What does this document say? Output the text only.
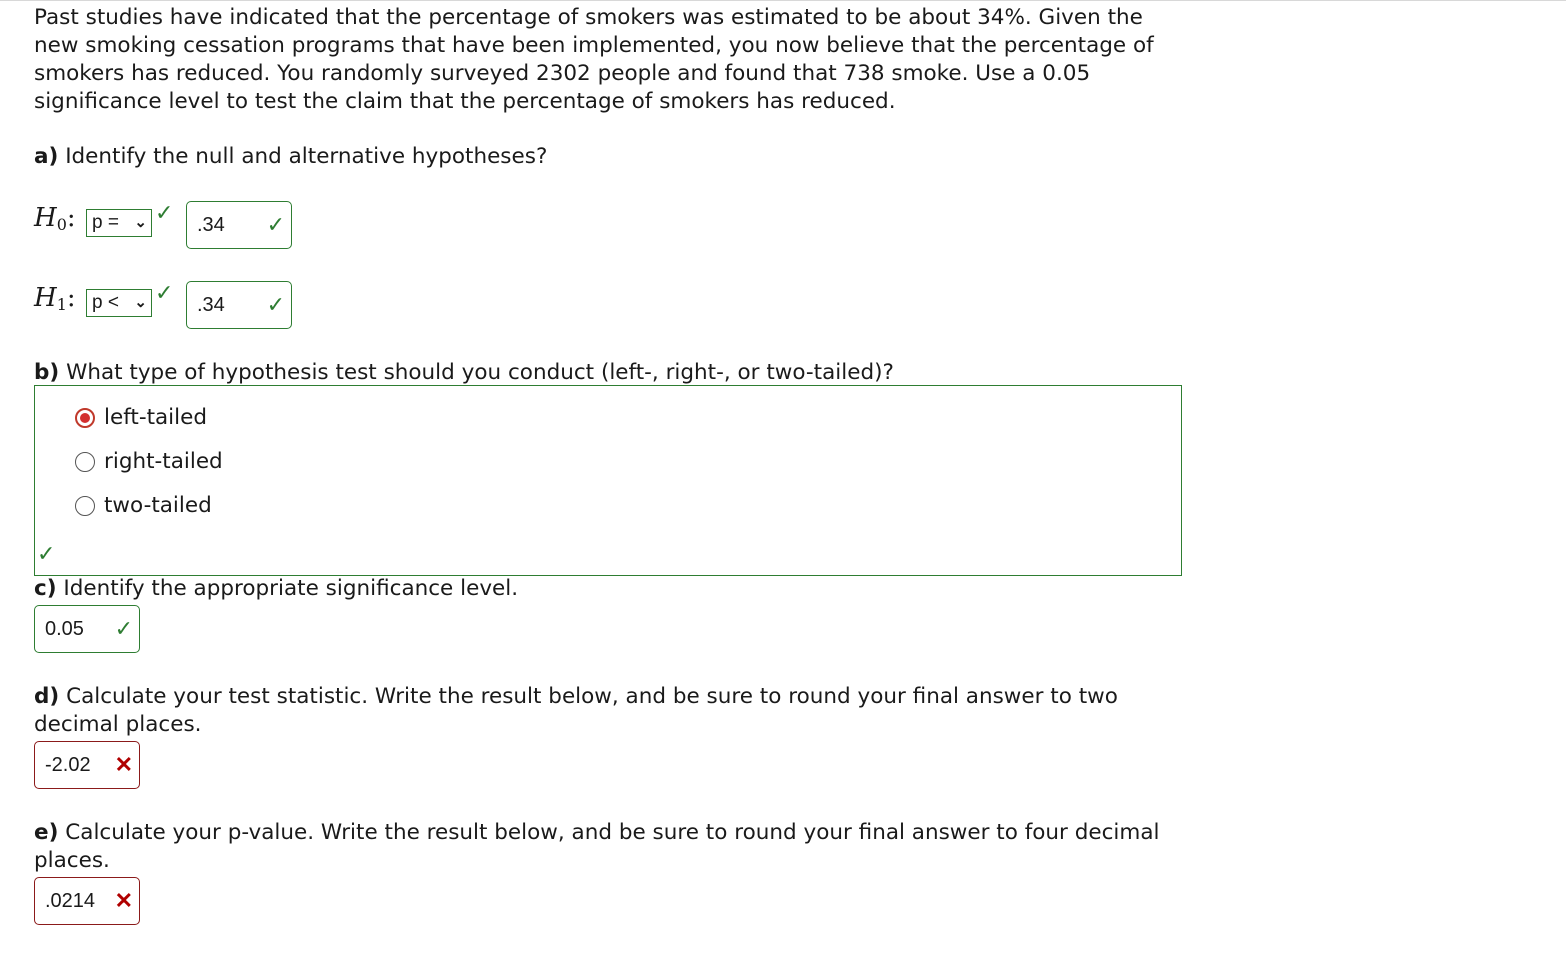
Past studies have indicated that the percentage of smokers was estimated to be about 34%. Given the new smoking cessation programs that have been implemented, you now believe that the percentage of smokers has reduced. You randomly surveyed 2302 people and found that 738 smoke. Use a 0.05 significance level to test the claim that the percentage of smokers has reduced.

a) Identify the null and alternative hypotheses?

$H_0$: p = ⌄ ✓ .34 ✓
$H_1$: p < ⌄ ✓ .34 ✓

b) What type of hypothesis test should you conduct (left-, right-, or two-tailed)?

left-tailed
right-tailed
two-tailed
✓

c) Identify the appropriate significance level.

0.05 ✓

d) Calculate your test statistic. Write the result below, and be sure to round your final answer to two decimal places.

-2.02 ✕

e) Calculate your p-value. Write the result below, and be sure to round your final answer to four decimal places.

.0214 ✕
